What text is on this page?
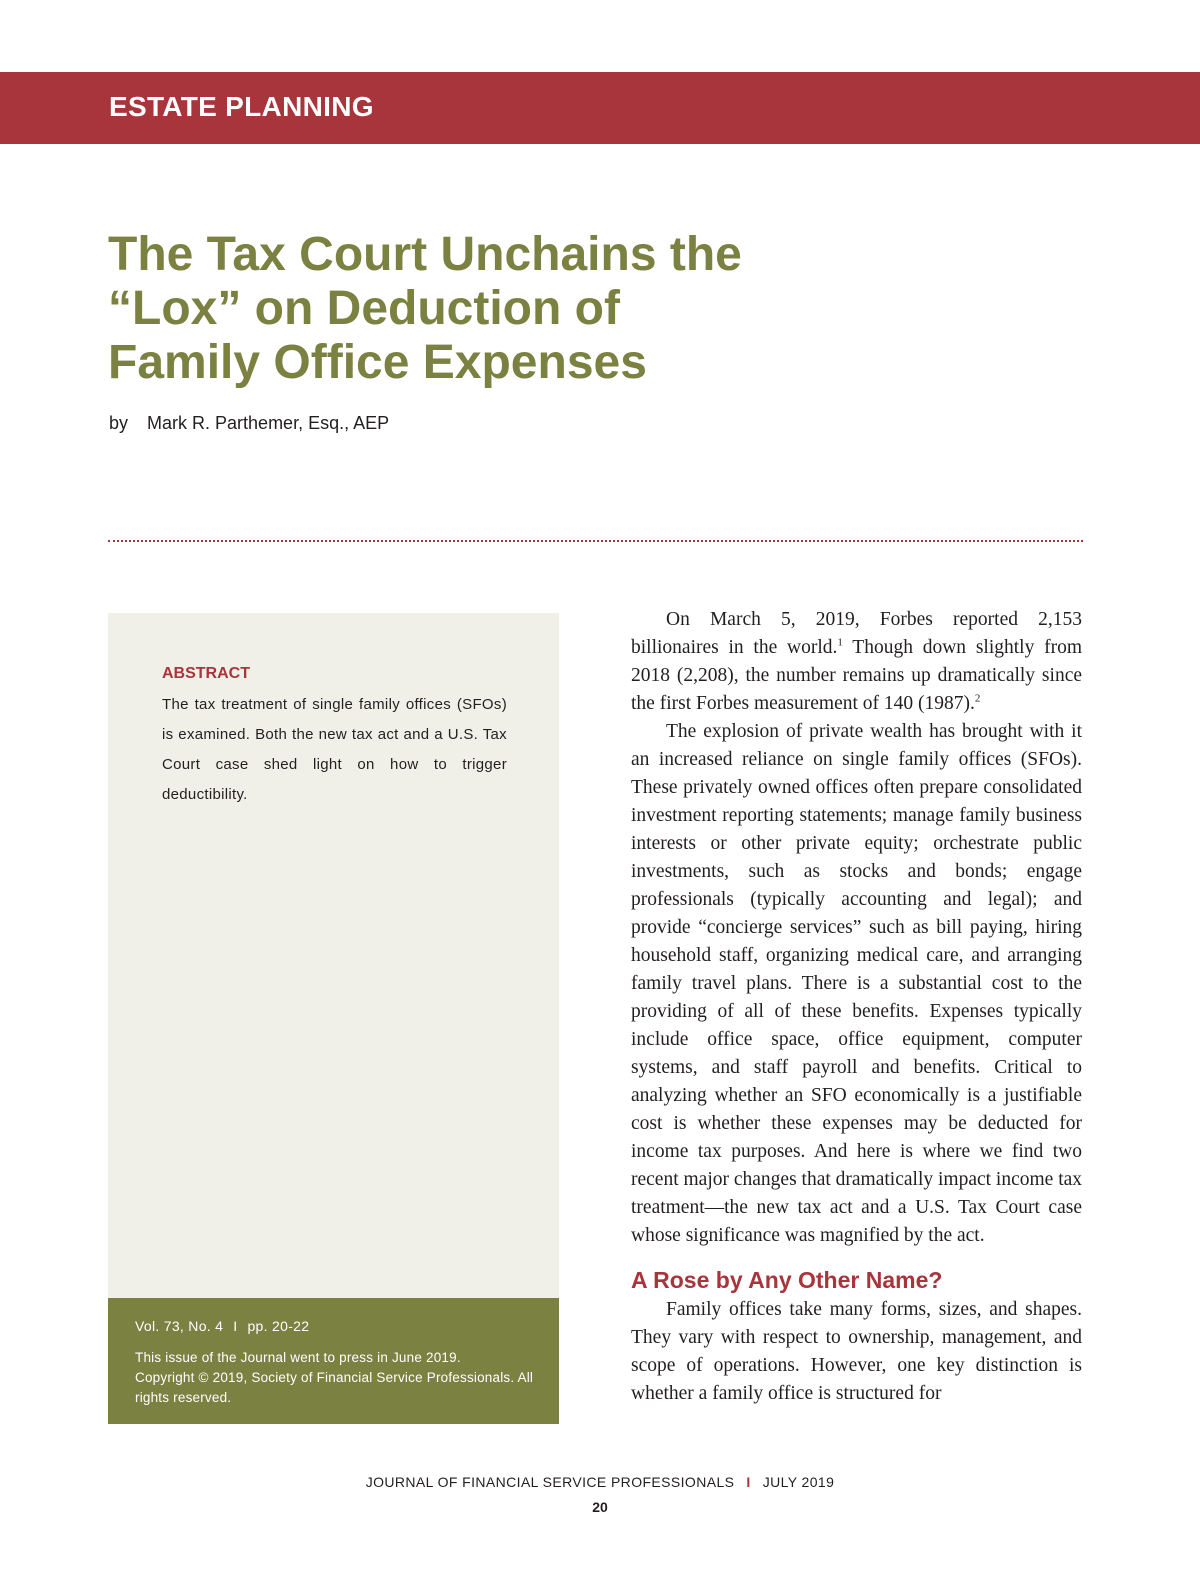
ESTATE PLANNING
The Tax Court Unchains the
“Lox” on Deduction of
Family Office Expenses
by Mark R. Parthemer, Esq., AEP
ABSTRACT

The tax treatment of single family offices (SFOs) is examined. Both the new tax act and a U.S. Tax Court case shed light on how to trigger deductibility.

Vol. 73, No. 4 I pp. 20-22

This issue of the Journal went to press in June 2019.
Copyright © 2019, Society of Financial Service Professionals. All rights reserved.

On March 5, 2019, Forbes reported 2,153 billionaires in the world.$^1$ Though down slightly from 2018 (2,208), the number remains up dramatically since the first Forbes measurement of 140 (1987).$^2$

The explosion of private wealth has brought with it an increased reliance on single family offices (SFOs). These privately owned offices often prepare consolidated investment reporting statements; manage family business interests or other private equity; orchestrate public investments, such as stocks and bonds; engage professionals (typically accounting and legal); and provide “concierge services” such as bill paying, hiring household staff, organizing medical care, and arranging family travel plans. There is a substantial cost to the providing of all of these benefits. Expenses typically include office space, office equipment, computer systems, and staff payroll and benefits. Critical to analyzing whether an SFO economically is a justifiable cost is whether these expenses may be deducted for income tax purposes. And here is where we find two recent major changes that dramatically impact income tax treatment—the new tax act and a U.S. Tax Court case whose significance was magnified by the act.

A Rose by Any Other Name?

Family offices take many forms, sizes, and shapes. They vary with respect to ownership, management, and scope of operations. However, one key distinction is whether a family office is structured for

JOURNAL OF FINANCIAL SERVICE PROFESSIONALS I JULY 2019
20
